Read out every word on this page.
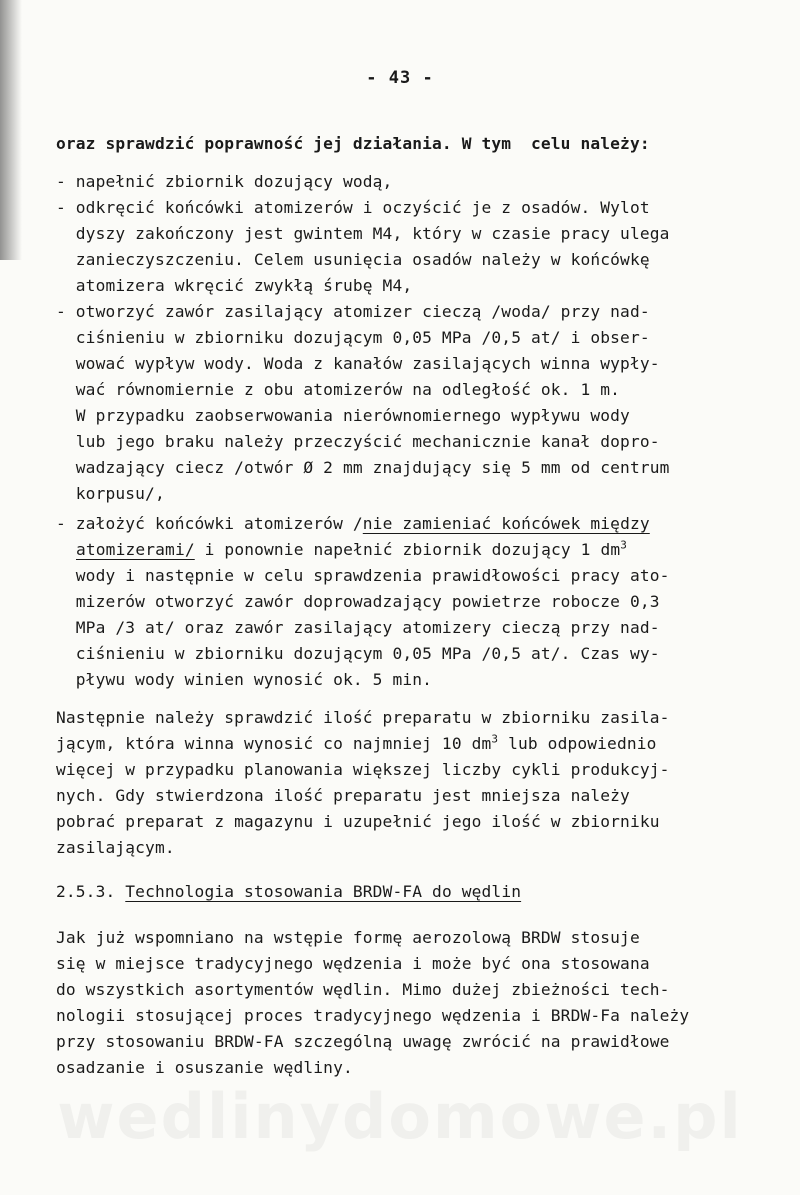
- 43 -
oraz sprawdzić poprawność jej działania. W tym  celu należy:
- napełnić zbiornik dozujący wodą,
- odkręcić końcówki atomizerów i oczyścić je z osadów. Wylot
dyszy zakończony jest gwintem M4, który w czasie pracy ulega
zanieczyszczeniu. Celem usunięcia osadów należy w końcówkę
atomizera wkręcić zwykłą śrubę M4,
- otworzyć zawór zasilający atomizer cieczą /woda/ przy nad-
ciśnieniu w zbiorniku dozującym 0,05 MPa /0,5 at/ i obser-
wować wypływ wody. Woda z kanałów zasilających winna wypły-
wać równomiernie z obu atomizerów na odległość ok. 1 m.
W przypadku zaobserwowania nierównomiernego wypływu wody
lub jego braku należy przeczyścić mechanicznie kanał dopro-
wadzający ciecz /otwór Ø 2 mm znajdujący się 5 mm od centrum
korpusu/,
- założyć końcówki atomizerów /nie zamieniać końcówek między
atomizerami/ i ponownie napełnić zbiornik dozujący 1 $dm^3$
wody i następnie w celu sprawdzenia prawidłowości pracy ato-
mizerów otworzyć zawór doprowadzający powietrze robocze 0,3
MPa /3 at/ oraz zawór zasilający atomizery cieczą przy nad-
ciśnieniu w zbiorniku dozującym 0,05 MPa /0,5 at/. Czas wy-
pływu wody winien wynosić ok. 5 min.
Następnie należy sprawdzić ilość preparatu w zbiorniku zasila-
jącym, która winna wynosić co najmniej 10 $dm^3$ lub odpowiednio
więcej w przypadku planowania większej liczby cykli produkcyj-
nych. Gdy stwierdzona ilość preparatu jest mniejsza należy
pobrać preparat z magazynu i uzupełnić jego ilość w zbiorniku
zasilającym.
2.5.3. Technologia stosowania BRDW-FA do wędlin
Jak już wspomniano na wstępie formę aerozolową BRDW stosuje
się w miejsce tradycyjnego wędzenia i może być ona stosowana
do wszystkich asortymentów wędlin. Mimo dużej zbieżności tech-
nologii stosującej proces tradycyjnego wędzenia i BRDW-Fa należy
przy stosowaniu BRDW-FA szczególną uwagę zwrócić na prawidłowe
osadzanie i osuszanie wędliny.
wedlinydomowe.pl
